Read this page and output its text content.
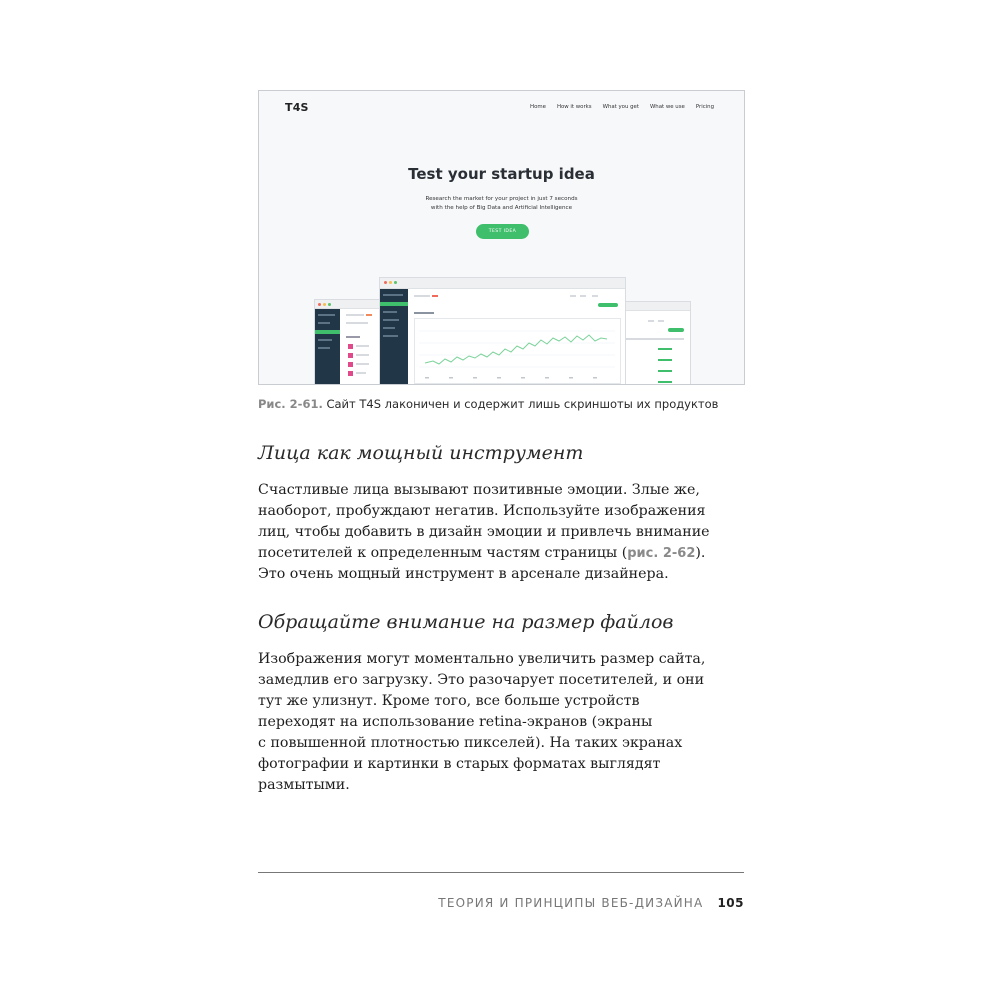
T4S	Home How it works What you get What we use Pricing
Test your startup idea
Research the market for your project in just 7 seconds
with the help of Big Data and Artificial Intelligence
TEST IDEA
Рис. 2-61. Сайт T4S лаконичен и содержит лишь скриншоты их продуктов
Лица как мощный инструмент
Счастливые лица вызывают позитивные эмоции. Злые же,
наоборот, пробуждают негатив. Используйте изображения
лиц, чтобы добавить в дизайн эмоции и привлечь внимание
посетителей к определенным частям страницы (рис. 2-62).
Это очень мощный инструмент в арсенале дизайнера.
Обращайте внимание на размер файлов
Изображения могут моментально увеличить размер сайта,
замедлив его загрузку. Это разочарует посетителей, и они
тут же улизнут. Кроме того, все больше устройств
переходят на использование retina-экранов (экраны
с повышенной плотностью пикселей). На таких экранах
фотографии и картинки в старых форматах выглядят
размытыми.
ТЕОРИЯ И ПРИНЦИПЫ ВЕБ-ДИЗАЙНА 105
